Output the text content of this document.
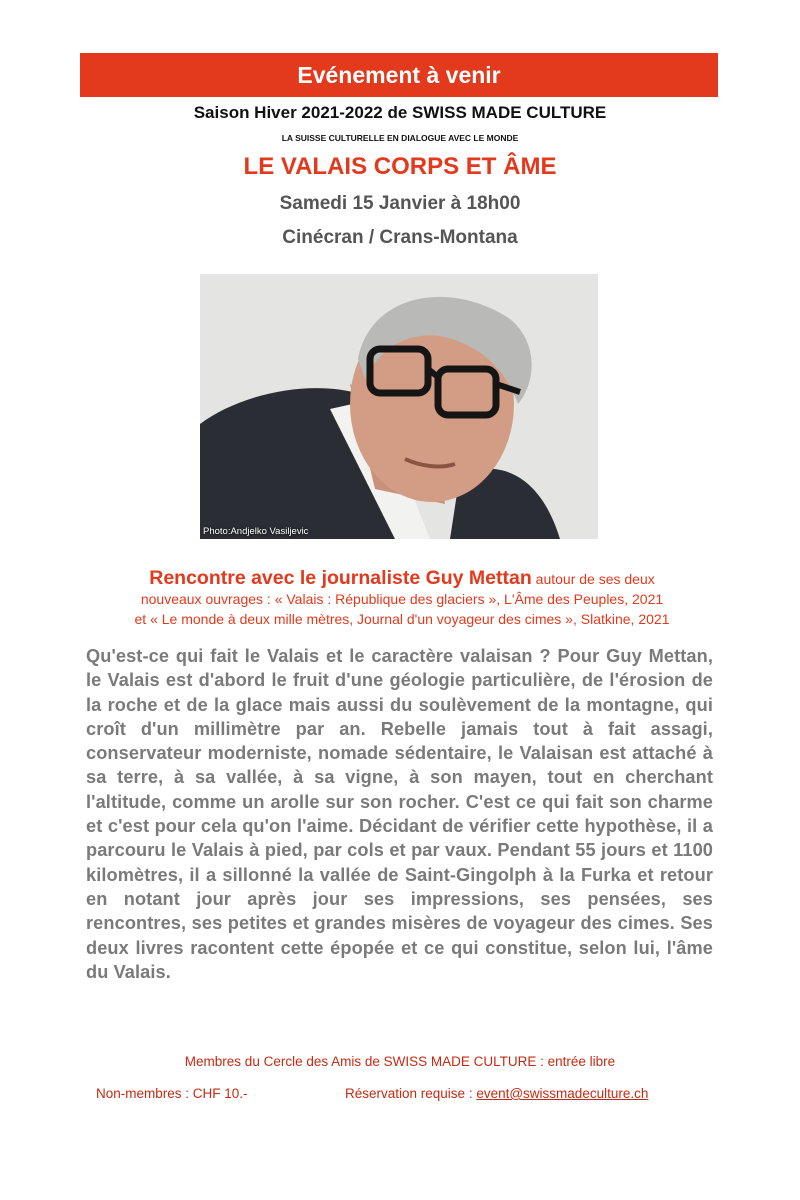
Evénement à venir
Saison Hiver 2021-2022 de SWISS MADE CULTURE
LA SUISSE CULTURELLE EN DIALOGUE AVEC LE MONDE
LE VALAIS CORPS ET ÂME
Samedi 15 Janvier à 18h00
Cinécran / Crans-Montana
Photo:Andjelko Vasiljevic
Rencontre avec le journaliste Guy Mettan autour de ses deux
nouveaux ouvrages : « Valais : République des glaciers », L'Âme des Peuples, 2021
et « Le monde à deux mille mètres, Journal d'un voyageur des cimes », Slatkine, 2021
Qu'est-ce qui fait le Valais et le caractère valaisan ? Pour Guy Mettan, le Valais est d'abord le fruit d'une géologie particulière, de l'érosion de la roche et de la glace mais aussi du soulèvement de la montagne, qui croît d'un millimètre par an. Rebelle jamais tout à fait assagi, conservateur moderniste, nomade sédentaire, le Valaisan est attaché à sa terre, à sa vallée, à sa vigne, à son mayen, tout en cherchant l'altitude, comme un arolle sur son rocher. C'est ce qui fait son charme et c'est pour cela qu'on l'aime. Décidant de vérifier cette hypothèse, il a parcouru le Valais à pied, par cols et par vaux. Pendant 55 jours et 1100 kilomètres, il a sillonné la vallée de Saint-Gingolph à la Furka et retour en notant jour après jour ses impressions, ses pensées, ses rencontres, ses petites et grandes misères de voyageur des cimes. Ses deux livres racontent cette épopée et ce qui constitue, selon lui, l'âme du Valais.
Membres du Cercle des Amis de SWISS MADE CULTURE : entrée libre
Non-membres : CHF 10.-	Réservation requise : event@swissmadeculture.ch
